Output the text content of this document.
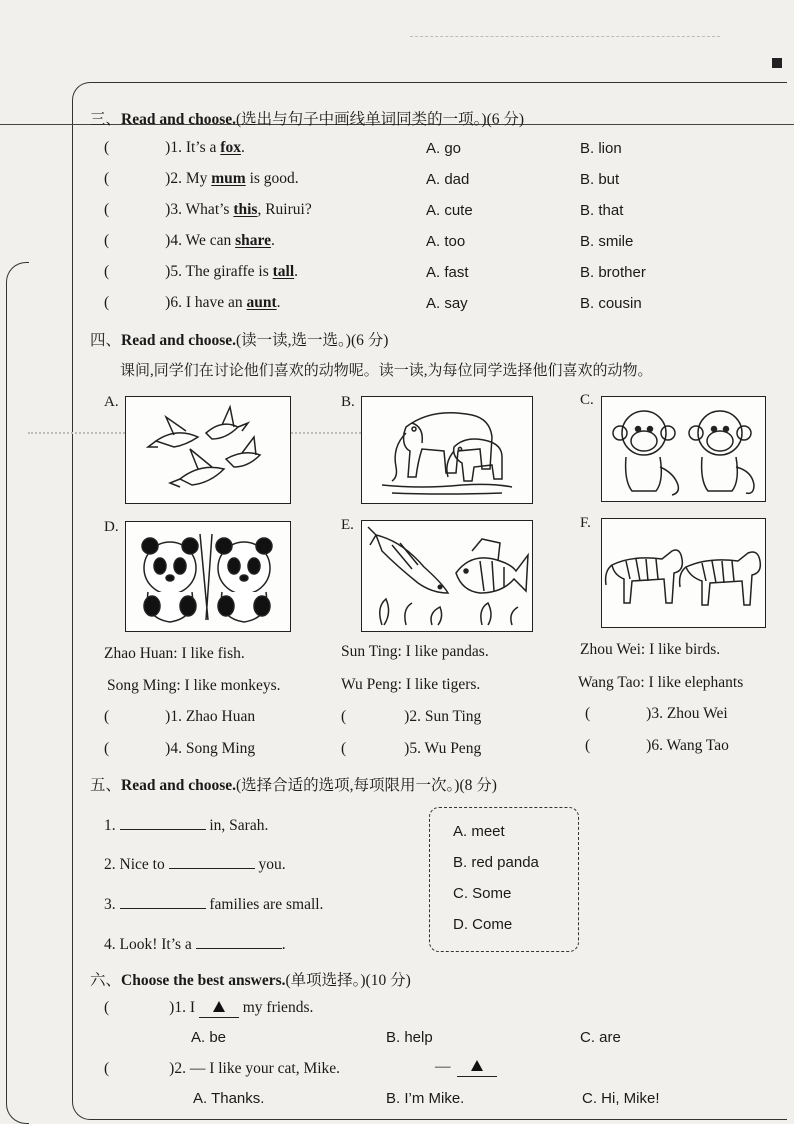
三、Read and choose.(选出与句子中画线单词同类的一项。)(6 分)
(	)1. It’s a fox.	A. go	B. lion
(	)2. My mum is good.	A. dad	B. but
(	)3. What’s this, Ruirui?	A. cute	B. that
(	)4. We can share.	A. too	B. smile
(	)5. The giraffe is tall.	A. fast	B. brother
(	)6. I have an aunt.	A. say	B. cousin
四、Read and choose.(读一读,选一选。)(6 分)
课间,同学们在讨论他们喜欢的动物呢。读一读,为每位同学选择他们喜欢的动物。
A.	B.	C.
D.	E.	F.
Zhao Huan: I like fish.	Sun Ting: I like pandas.	Zhou Wei: I like birds.
Song Ming: I like monkeys.	Wu Peng: I like tigers.	Wang Tao: I like elephants
(	)1. Zhao Huan	(	)2. Sun Ting	(	)3. Zhou Wei
(	)4. Song Ming	(	)5. Wu Peng	(	)6. Wang Tao
五、Read and choose.(选择合适的选项,每项限用一次。)(8 分)
1.	in, Sarah.
2. Nice to	you.
3.	families are small.
4. Look! It’s a	.
A. meet
B. red panda
C. Some
D. Come
六、Choose the best answers.(单项选择。)(10 分)
(	)1. I	my friends.
A. be	B. help	C. are
(	)2. — I like your cat, Mike.	—
A. Thanks.	B. I’m Mike.	C. Hi, Mike!
